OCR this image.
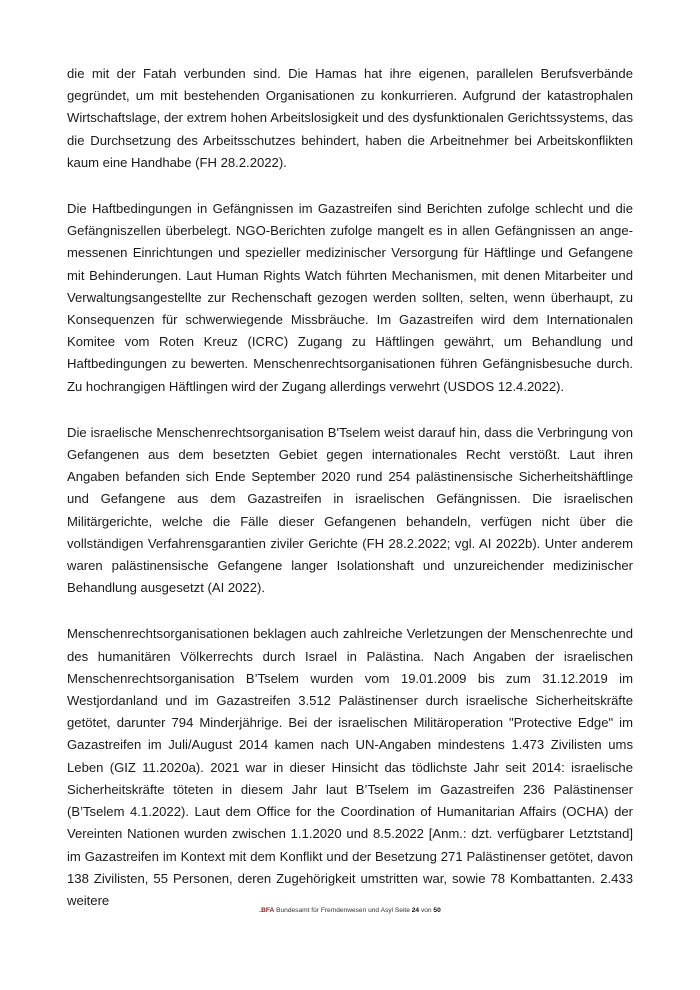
die mit der Fatah verbunden sind. Die Hamas hat ihre eigenen, parallelen Berufsverbände gegründet, um mit bestehenden Organisationen zu konkurrieren. Aufgrund der katastrophalen Wirtschaftslage, der extrem hohen Arbeitslosigkeit und des dysfunktionalen Gerichtssystems, das die Durchsetzung des Arbeitsschutzes behindert, haben die Arbeitnehmer bei Arbeitskonflikten kaum eine Handhabe (FH 28.2.2022).

Die Haftbedingungen in Gefängnissen im Gazastreifen sind Berichten zufolge schlecht und die Gefängniszellen überbelegt. NGO-Berichten zufolge mangelt es in allen Gefängnissen an angemessenen Einrichtungen und spezieller medizinischer Versorgung für Häftlinge und Gefangene mit Behinderungen. Laut Human Rights Watch führten Mechanismen, mit denen Mitarbeiter und Verwaltungsangestellte zur Rechenschaft gezogen werden sollten, selten, wenn überhaupt, zu Konsequenzen für schwerwiegende Missbräuche. Im Gazastreifen wird dem Internationalen Komitee vom Roten Kreuz (ICRC) Zugang zu Häftlingen gewährt, um Behandlung und Haftbedingungen zu bewerten. Menschenrechtsorganisationen führen Gefängnisbesuche durch. Zu hochrangigen Häftlingen wird der Zugang allerdings verwehrt (USDOS 12.4.2022).

Die israelische Menschenrechtsorganisation B'Tselem weist darauf hin, dass die Verbringung von Gefangenen aus dem besetzten Gebiet gegen internationales Recht verstößt. Laut ihren Angaben befanden sich Ende September 2020 rund 254 palästinensische Sicherheitshäftlinge und Gefangene aus dem Gazastreifen in israelischen Gefängnissen. Die israelischen Militärgerichte, welche die Fälle dieser Gefangenen behandeln, verfügen nicht über die vollständigen Verfahrensgarantien ziviler Gerichte (FH 28.2.2022; vgl. AI 2022b). Unter anderem waren palästinensische Gefangene langer Isolationshaft und unzureichender medizinischer Behandlung ausgesetzt (AI 2022).

Menschenrechtsorganisationen beklagen auch zahlreiche Verletzungen der Menschenrechte und des humanitären Völkerrechts durch Israel in Palästina. Nach Angaben der israelischen Menschenrechtsorganisation B’Tselem wurden vom 19.01.2009 bis zum 31.12.2019 im Westjordanland und im Gazastreifen 3.512 Palästinenser durch israelische Sicherheitskräfte getötet, darunter 794 Minderjährige. Bei der israelischen Militäroperation "Protective Edge" im Gazastreifen im Juli/August 2014 kamen nach UN-Angaben mindestens 1.473 Zivilisten ums Leben (GIZ 11.2020a). 2021 war in dieser Hinsicht das tödlichste Jahr seit 2014: israelische Sicherheitskräfte töteten in diesem Jahr laut B’Tselem im Gazastreifen 236 Palästinenser (B’Tselem 4.1.2022). Laut dem Office for the Coordination of Humanitarian Affairs (OCHA) der Vereinten Nationen wurden zwischen 1.1.2020 und 8.5.2022 [Anm.: dzt. verfügbarer Letztstand] im Gazastreifen im Kontext mit dem Konflikt und der Besetzung 271 Palästinenser getötet, davon 138 Zivilisten, 55 Personen, deren Zugehörigkeit umstritten war, sowie 78 Kombattanten. 2.433 weitere

.BFA Bundesamt für Fremdenwesen und Asyl Seite 24 von 50
